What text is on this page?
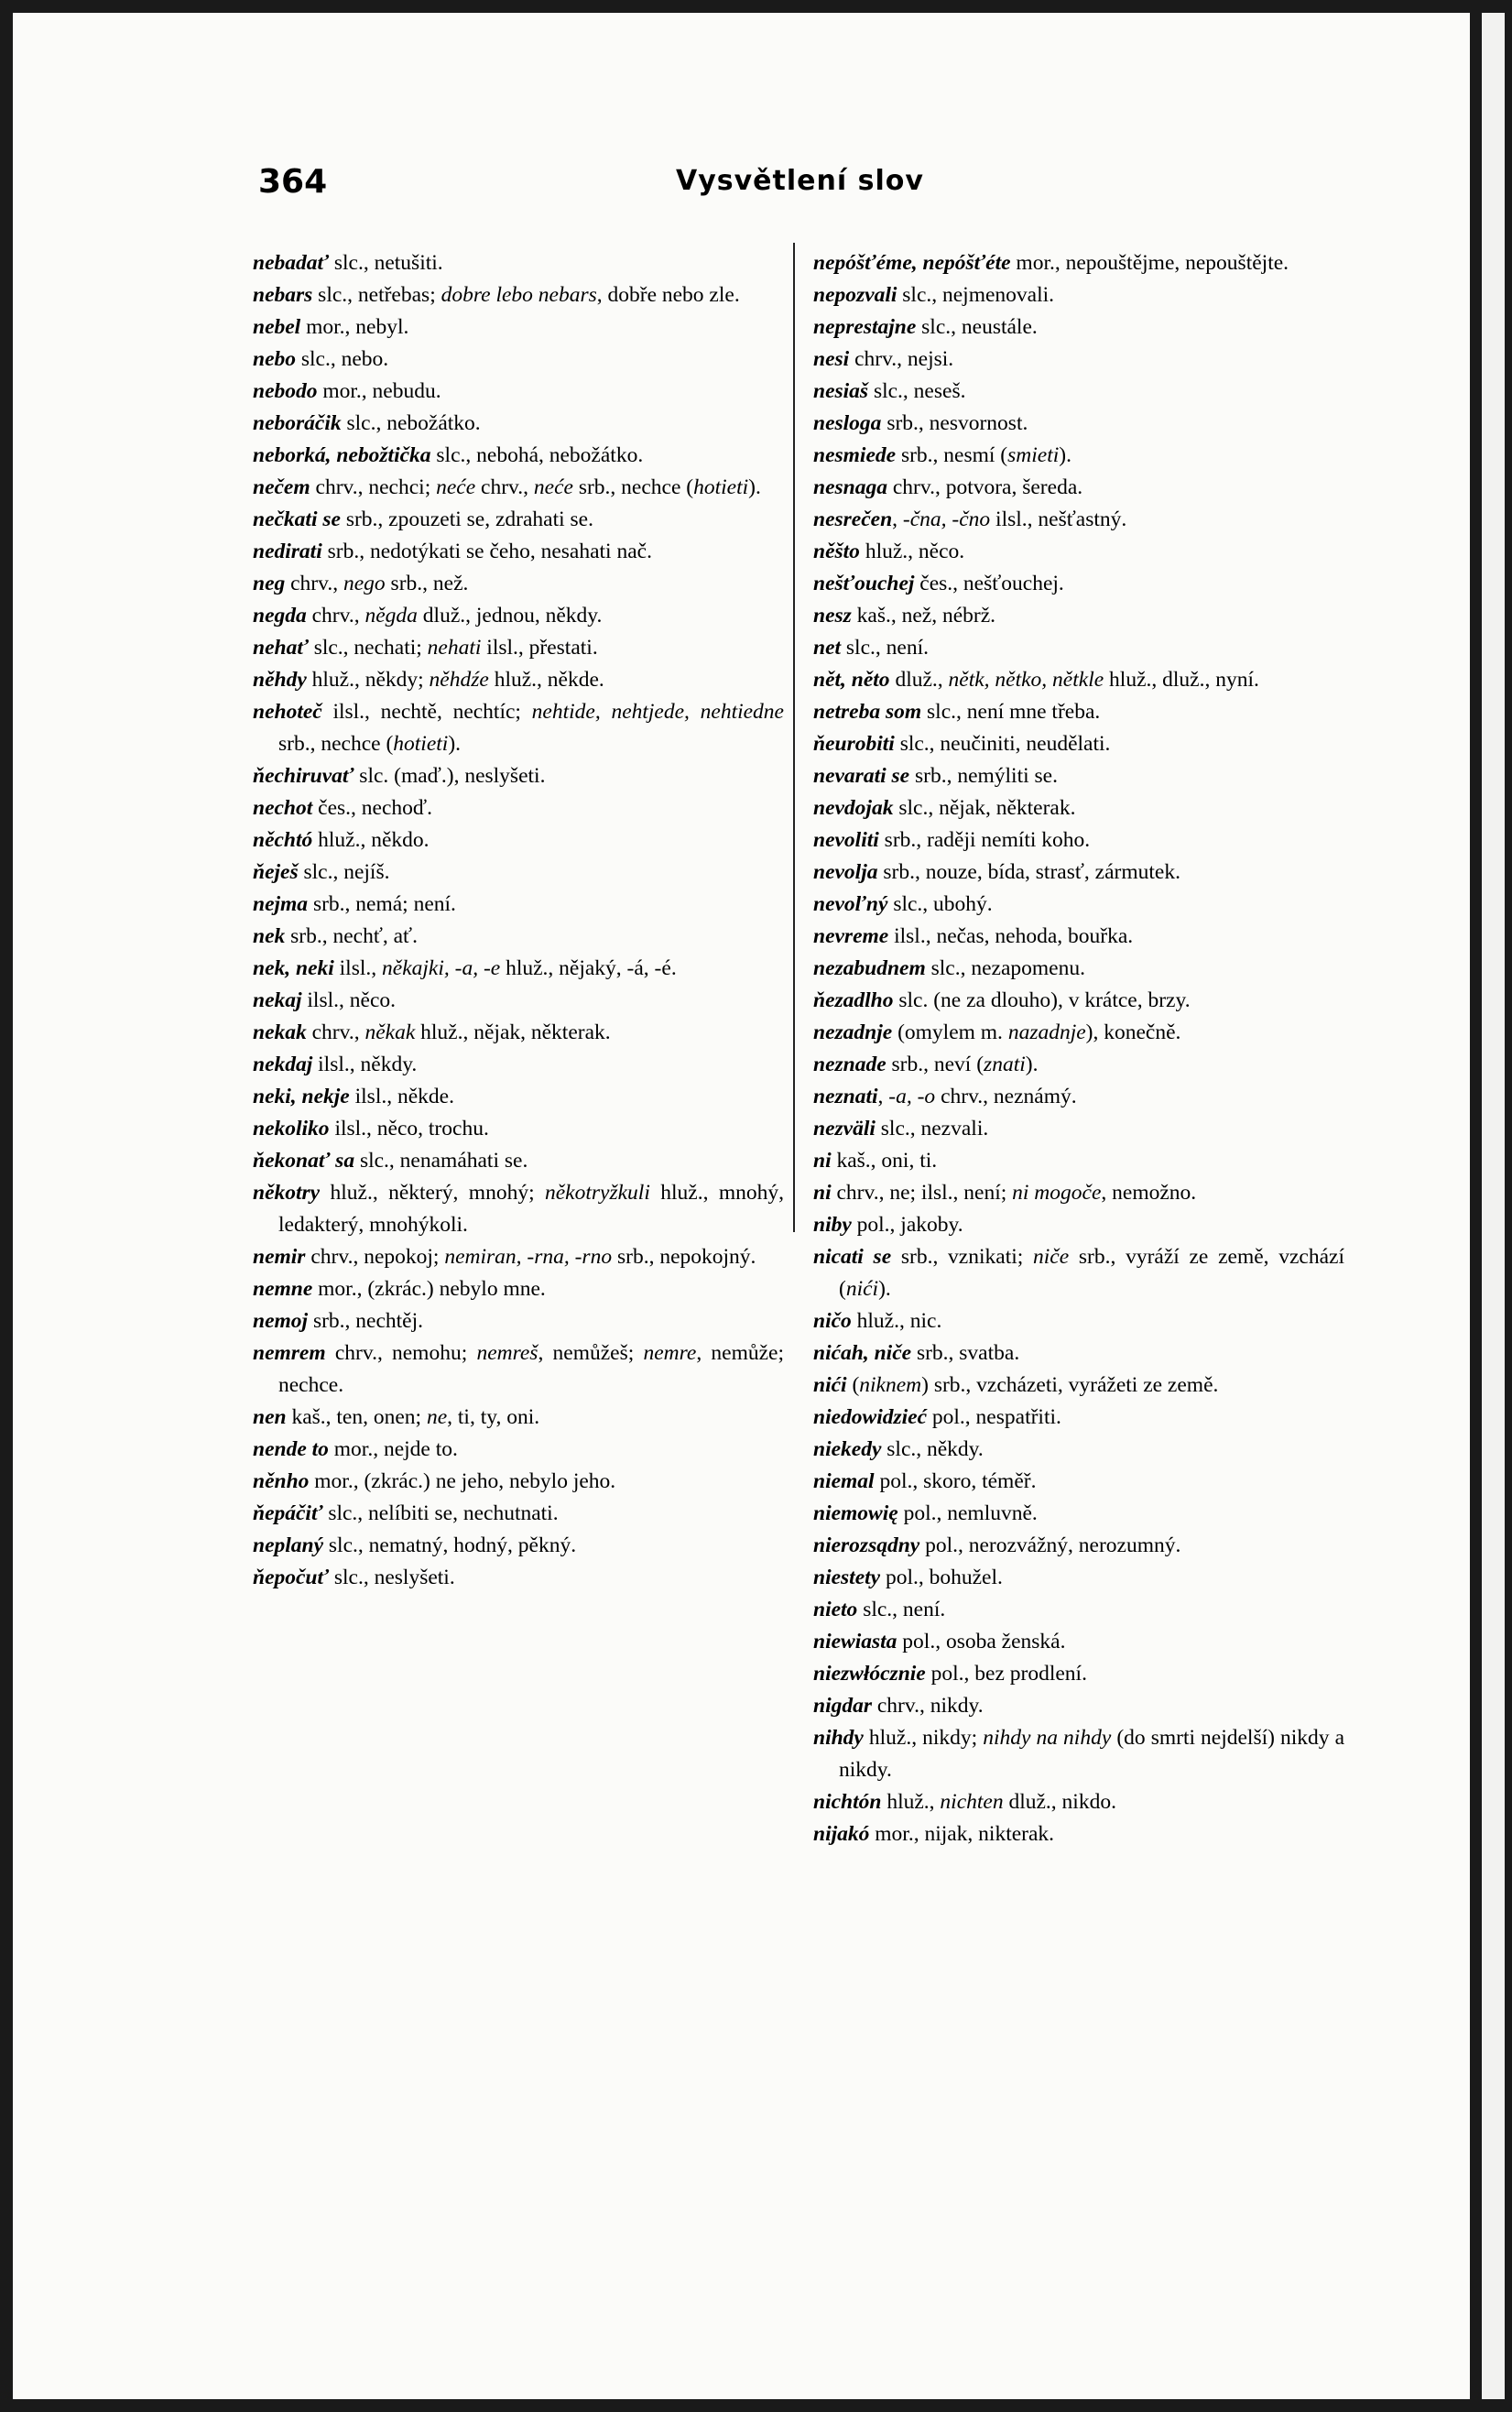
364	Vysvětlení slov
nebadať slc., netušiti.
nebars slc., netřebas; dobre lebo nebars, dobře nebo zle.
nebel mor., nebyl.
nebo slc., nebo.
nebodo mor., nebudu.
neboráčik slc., nebožátko.
neborká, nebožtička slc., nebohá, nebožátko.
nečem chrv., nechci; neće chrv., neće srb., nechce (hotieti).
nečkati se srb., zpouzeti se, zdrahati se.
nedirati srb., nedotýkati se čeho, nesahati nač.
neg chrv., nego srb., než.
negda chrv., něgda dluž., jednou, někdy.
nehať slc., nechati; nehati ilsl., přestati.
něhdy hluž., někdy; něhdźe hluž., někde.
nehoteč ilsl., nechtě, nechtíc; nehtide, nehtjede, nehtiedne srb., nechce (hotieti).
ňechiruvať slc. (maď.), neslyšeti.
nechot čes., nechoď.
něchtó hluž., někdo.
ňeješ slc., nejíš.
nejma srb., nemá; není.
nek srb., nechť, ať.
nek, neki ilsl., někajki, -a, -e hluž., nějaký, -á, -é.
nekaj ilsl., něco.
nekak chrv., někak hluž., nějak, některak.
nekdaj ilsl., někdy.
neki, nekje ilsl., někde.
nekoliko ilsl., něco, trochu.
ňekonať sa slc., nenamáhati se.
někotry hluž., některý, mnohý; někotryžkuli hluž., mnohý, ledakterý, mnohýkoli.
nemir chrv., nepokoj; nemiran, -rna, -rno srb., nepokojný.
nemne mor., (zkrác.) nebylo mne.
nemoj srb., nechtěj.
nemrem chrv., nemohu; nemreš, nemůžeš; nemre, nemůže; nechce.
nen kaš., ten, onen; ne, ti, ty, oni.
nende to mor., nejde to.
něnho mor., (zkrác.) ne jeho, nebylo jeho.
ňepáčiť slc., nelíbiti se, nechutnati.
neplaný slc., nematný, hodný, pěkný.
ňepočuť slc., neslyšeti.
nepóšťéme, nepóšťéte mor., nepouštějme, nepouštějte.
nepozvali slc., nejmenovali.
neprestajne slc., neustále.
nesi chrv., nejsi.
nesiaš slc., neseš.
nesloga srb., nesvornost.
nesmiede srb., nesmí (smieti).
nesnaga chrv., potvora, šereda.
nesrečen, -čna, -čno ilsl., nešťastný.
něšto hluž., něco.
nešťouchej čes., nešťouchej.
nesz kaš., než, nébrž.
net slc., není.
nět, něto dluž., nětk, nětko, nětkle hluž., dluž., nyní.
netreba som slc., není mne třeba.
ňeurobiti slc., neučiniti, neudělati.
nevarati se srb., nemýliti se.
nevdojak slc., nějak, některak.
nevoliti srb., raději nemíti koho.
nevolja srb., nouze, bída, strasť, zármutek.
nevoľný slc., ubohý.
nevreme ilsl., nečas, nehoda, bouřka.
nezabudnem slc., nezapomenu.
ňezadlho slc. (ne za dlouho), v krátce, brzy.
nezadnje (omylem m. nazadnje), konečně.
neznade srb., neví (znati).
neznati, -a, -o chrv., neznámý.
nezväli slc., nezvali.
ni kaš., oni, ti.
ni chrv., ne; ilsl., není; ni mogoče, nemožno.
niby pol., jakoby.
nicati se srb., vznikati; niče srb., vyráží ze země, vzchází (nići).
ničo hluž., nic.
nićah, niče srb., svatba.
nići (niknem) srb., vzcházeti, vyrážeti ze země.
niedowidzieć pol., nespatřiti.
niekedy slc., někdy.
niemal pol., skoro, téměř.
niemowię pol., nemluvně.
nierozsądny pol., nerozvážný, nerozumný.
niestety pol., bohužel.
nieto slc., není.
niewiasta pol., osoba ženská.
niezwłócznie pol., bez prodlení.
nigdar chrv., nikdy.
nihdy hluž., nikdy; nihdy na nihdy (do smrti nejdelší) nikdy a nikdy.
nichtón hluž., nichten dluž., nikdo.
nijakó mor., nijak, nikterak.
